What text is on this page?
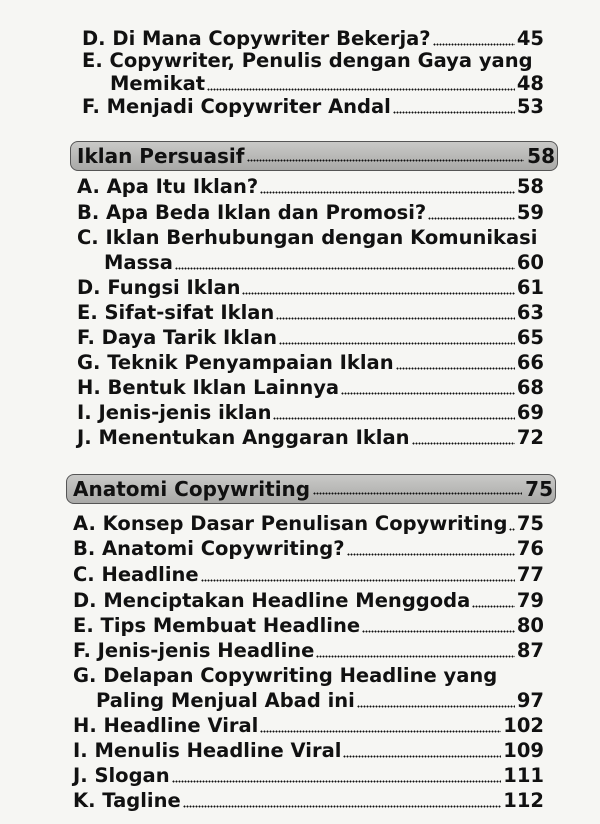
D. Di Mana Copywriter Bekerja?	45
E. Copywriter, Penulis dengan Gaya yang
Memikat	48
F. Menjadi Copywriter Andal	53
Iklan Persuasif	58
A. Apa Itu Iklan?	58
B. Apa Beda Iklan dan Promosi?	59
C. Iklan Berhubungan dengan Komunikasi
Massa	60
D. Fungsi Iklan	61
E. Sifat-sifat Iklan	63
F. Daya Tarik Iklan	65
G. Teknik Penyampaian Iklan	66
H. Bentuk Iklan Lainnya	68
I. Jenis-jenis iklan	69
J. Menentukan Anggaran Iklan	72
Anatomi Copywriting	75
A. Konsep Dasar Penulisan Copywriting 75
B. Anatomi Copywriting?	76
C. Headline	77
D. Menciptakan Headline Menggoda 79
E. Tips Membuat Headline	80
F. Jenis-jenis Headline	87
G. Delapan Copywriting Headline yang
Paling Menjual Abad ini	97
H. Headline Viral	102
I. Menulis Headline Viral	109
J. Slogan	111
K. Tagline	112
